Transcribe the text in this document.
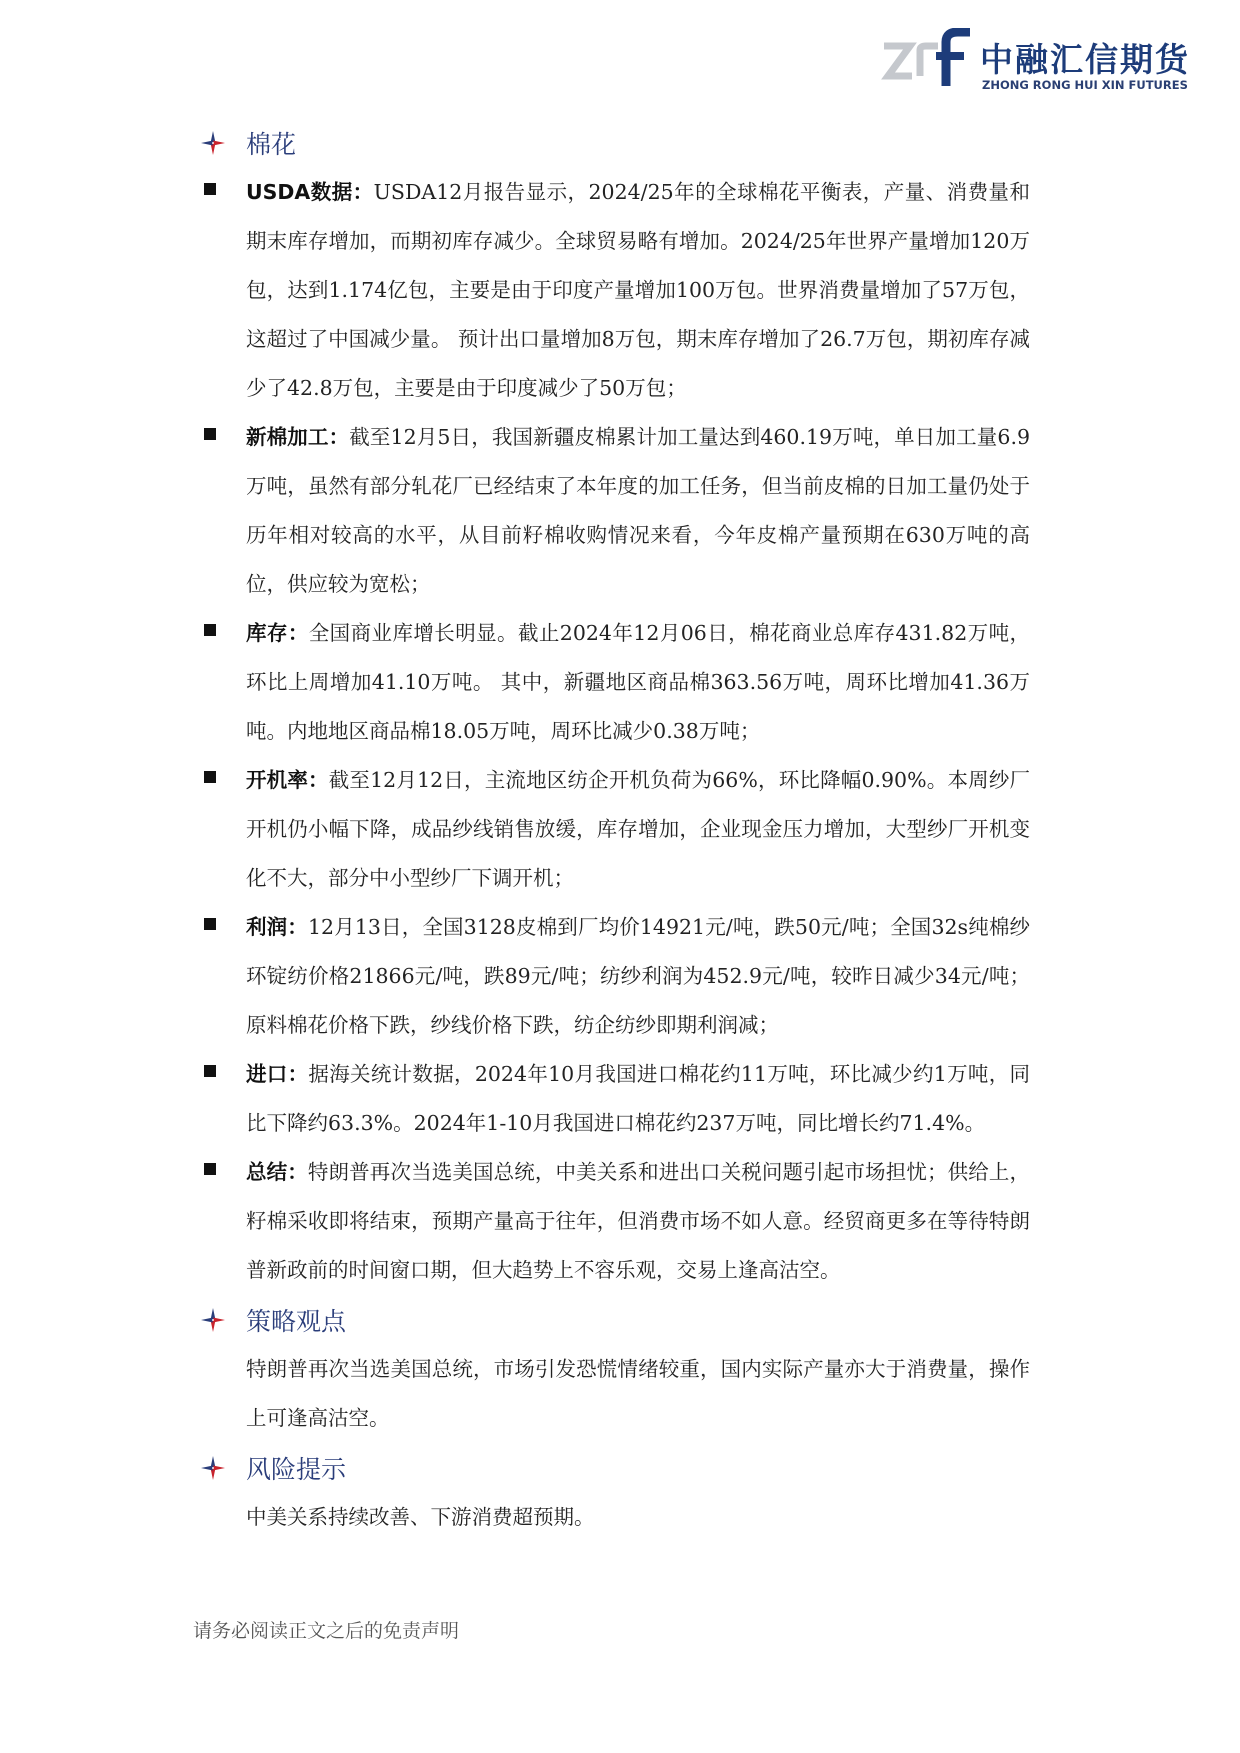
中融汇信期货
ZHONG RONG HUI XIN FUTURES
棉花

USDA数据：USDA12月报告显示，2024/25年的全球棉花平衡表，产量、消费量和期末库存增加，而期初库存减少。全球贸易略有增加。2024/25年世界产量增加120万包，达到1.174亿包，主要是由于印度产量增加100万包。世界消费量增加了57万包，这超过了中国减少量。 预计出口量增加8万包，期末库存增加了26.7万包，期初库存减少了42.8万包，主要是由于印度减少了50万包；

新棉加工：截至12月5日，我国新疆皮棉累计加工量达到460.19万吨，单日加工量6.9万吨，虽然有部分轧花厂已经结束了本年度的加工任务，但当前皮棉的日加工量仍处于历年相对较高的水平，从目前籽棉收购情况来看，今年皮棉产量预期在630万吨的高位，供应较为宽松；

库存：全国商业库增长明显。截止2024年12月06日，棉花商业总库存431.82万吨，环比上周增加41.10万吨。 其中，新疆地区商品棉363.56万吨，周环比增加41.36万吨。内地地区商品棉18.05万吨，周环比减少0.38万吨；

开机率：截至12月12日，主流地区纺企开机负荷为66%，环比降幅0.90%。本周纱厂开机仍小幅下降，成品纱线销售放缓，库存增加，企业现金压力增加，大型纱厂开机变化不大，部分中小型纱厂下调开机；

利润：12月13日，全国3128皮棉到厂均价14921元/吨，跌50元/吨；全国32s纯棉纱环锭纺价格21866元/吨，跌89元/吨；纺纱利润为452.9元/吨，较昨日减少34元/吨；原料棉花价格下跌，纱线价格下跌，纺企纺纱即期利润减；

进口：据海关统计数据，2024年10月我国进口棉花约11万吨，环比减少约1万吨，同比下降约63.3%。2024年1-10月我国进口棉花约237万吨，同比增长约71.4%。

总结：特朗普再次当选美国总统，中美关系和进出口关税问题引起市场担忧；供给上，籽棉采收即将结束，预期产量高于往年，但消费市场不如人意。经贸商更多在等待特朗普新政前的时间窗口期，但大趋势上不容乐观，交易上逢高沽空。

策略观点

特朗普再次当选美国总统，市场引发恐慌情绪较重，国内实际产量亦大于消费量，操作上可逢高沽空。

风险提示

中美关系持续改善、下游消费超预期。

请务必阅读正文之后的免责声明
